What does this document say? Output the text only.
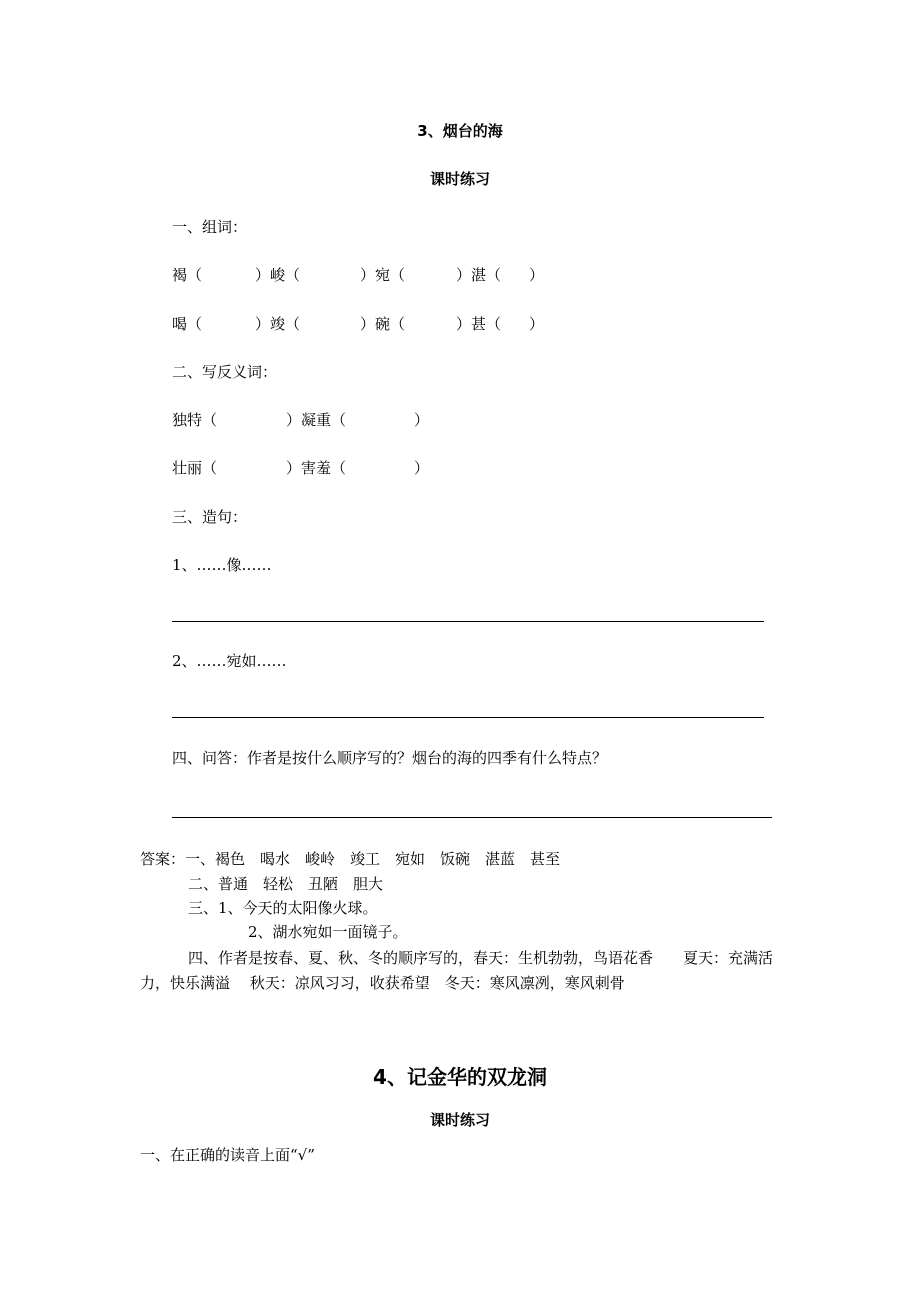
3、烟台的海
课时练习
一、组词：
褐（	）峻（	）宛（	）湛（ ）
喝（	）竣（	）碗（	）甚（ ）
二、写反义词：
独特（	）凝重（	）
壮丽（	）害羞（	）
三、造句：
1、……像……
2、……宛如……
四、问答：作者是按什么顺序写的？烟台的海的四季有什么特点？
答案：一、褐色　喝水　峻岭　竣工　宛如　饭碗　湛蓝　甚至
二、普通　轻松　丑陋　胆大
三、1、今天的太阳像火球。
2、湖水宛如一面镜子。
四、作者是按春、夏、秋、冬的顺序写的，春天：生机勃勃，鸟语花香　　夏天：充满活力，快乐满溢　 秋天：凉风习习，收获希望　冬天：寒风凛冽，寒风刺骨
4、记金华的双龙洞
课时练习
一、在正确的读音上面“√”
